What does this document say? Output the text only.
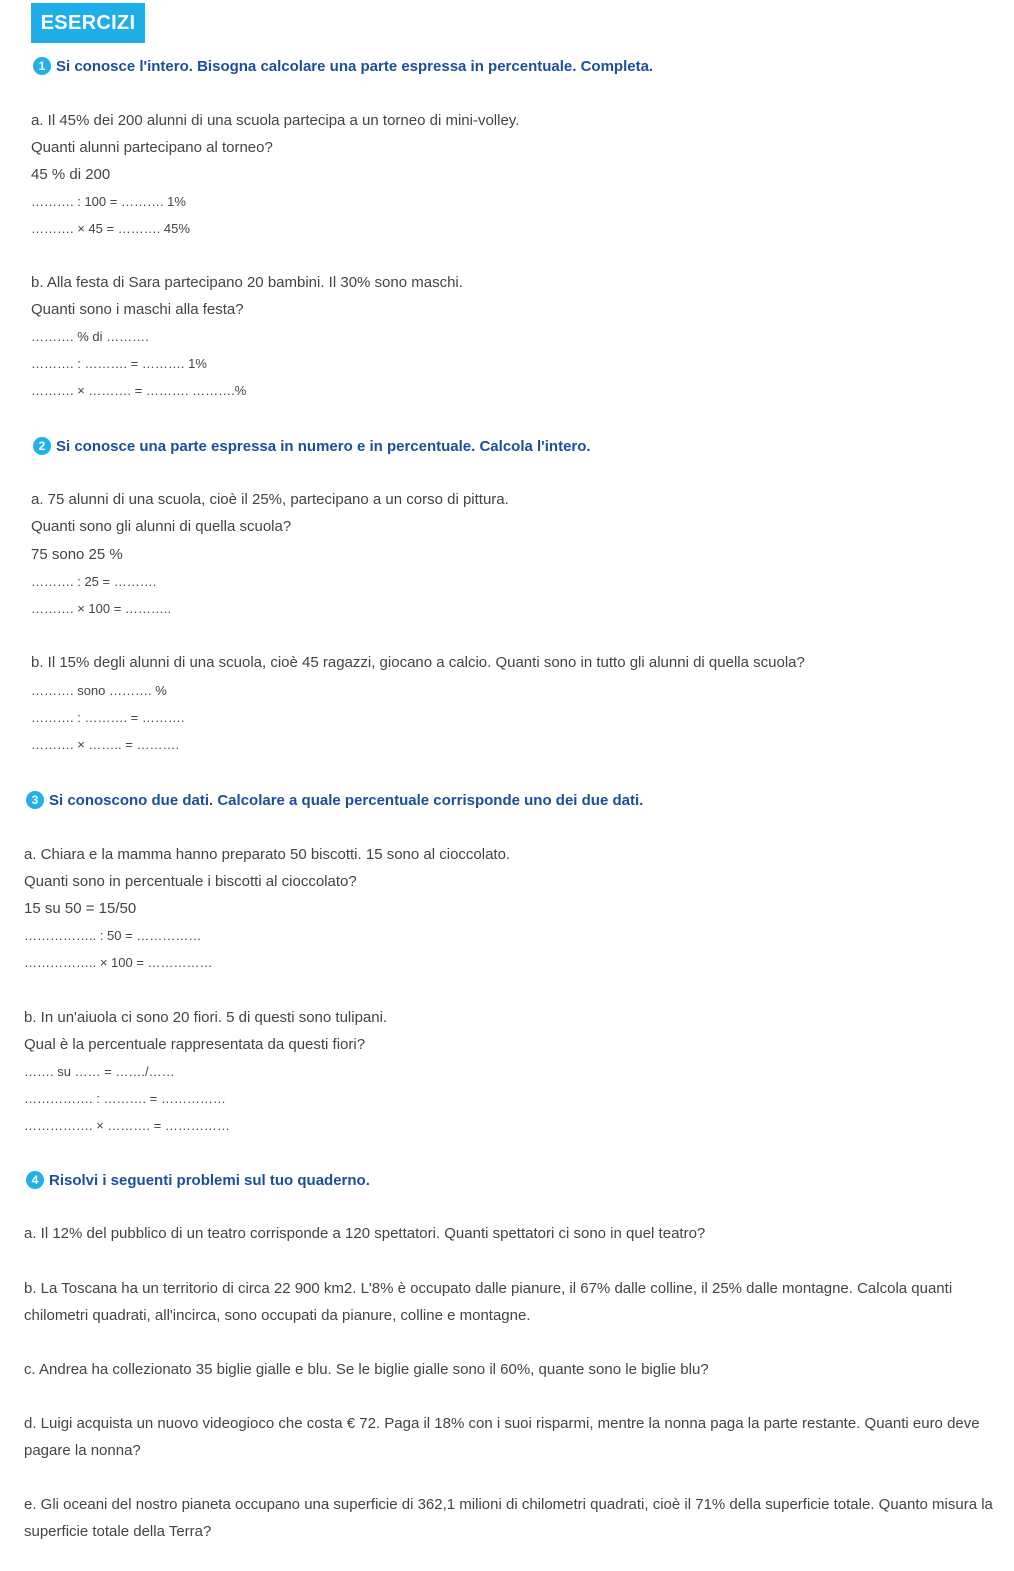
ESERCIZI
1 Si conosce l'intero. Bisogna calcolare una parte espressa in percentuale. Completa.
a. Il 45% dei 200 alunni di una scuola partecipa a un torneo di mini-volley.
Quanti alunni partecipano al torneo?
45 % di 200
………. : 100 = ………. 1%
………. × 45 = ………. 45%
b. Alla festa di Sara partecipano 20 bambini. Il 30% sono maschi.
Quanti sono i maschi alla festa?
………. % di ……….
………. : ………. = ………. 1%
………. × ………. = ………. ……….%
2 Si conosce una parte espressa in numero e in percentuale. Calcola l'intero.
a. 75 alunni di una scuola, cioè il 25%, partecipano a un corso di pittura.
Quanti sono gli alunni di quella scuola?
75 sono 25 %
………. : 25 = ……….
………. × 100 = ………..
b. Il 15% degli alunni di una scuola, cioè 45 ragazzi, giocano a calcio. Quanti sono in tutto gli alunni di quella scuola?
………. sono ………. %
………. : ………. = ……….
………. × …….. = ……….
3 Si conoscono due dati. Calcolare a quale percentuale corrisponde uno dei due dati.
a. Chiara e la mamma hanno preparato 50 biscotti. 15 sono al cioccolato.
Quanti sono in percentuale i biscotti al cioccolato?
15 su 50 = 15/50
…………….. : 50 = ……………
…………….. × 100 = ……………
b. In un'aiuola ci sono 20 fiori. 5 di questi sono tulipani.
Qual è la percentuale rappresentata da questi fiori?
……. su …… = ……./……
……………. : ………. = ……………
……………. × ………. = ……………
4 Risolvi i seguenti problemi sul tuo quaderno.
a. Il 12% del pubblico di un teatro corrisponde a 120 spettatori. Quanti spettatori ci sono in quel teatro?
b. La Toscana ha un territorio di circa 22 900 km2. L'8% è occupato dalle pianure, il 67% dalle colline, il 25% dalle montagne. Calcola quanti chilometri quadrati, all'incirca, sono occupati da pianure, colline e montagne.
c. Andrea ha collezionato 35 biglie gialle e blu. Se le biglie gialle sono il 60%, quante sono le biglie blu?
d. Luigi acquista un nuovo videogioco che costa € 72. Paga il 18% con i suoi risparmi, mentre la nonna paga la parte restante. Quanti euro deve pagare la nonna?
e. Gli oceani del nostro pianeta occupano una superficie di 362,1 milioni di chilometri quadrati, cioè il 71% della superficie totale. Quanto misura la superficie totale della Terra?
